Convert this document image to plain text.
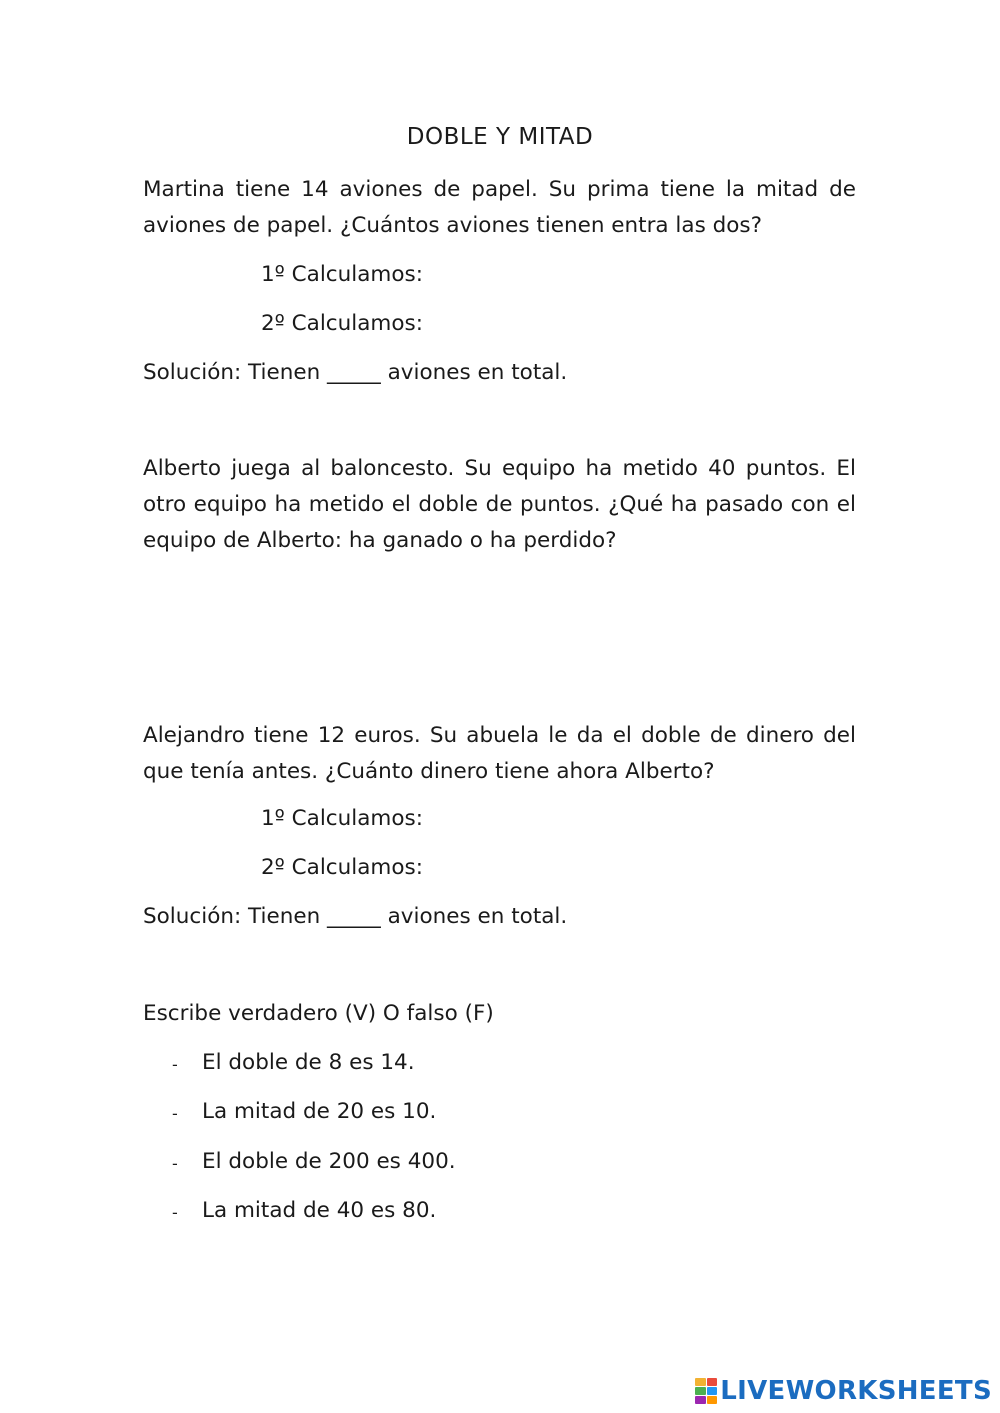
DOBLE Y MITAD
Martina tiene 14 aviones de papel. Su prima tiene la mitad de aviones de papel. ¿Cuántos aviones tienen entra las dos?
1º Calculamos:
2º Calculamos:
Solución: Tienen _____ aviones en total.
Alberto juega al baloncesto. Su equipo ha metido 40 puntos. El otro equipo ha metido el doble de puntos. ¿Qué ha pasado con el equipo de Alberto: ha ganado o ha perdido?
Alejandro tiene 12 euros. Su abuela le da el doble de dinero del que tenía antes. ¿Cuánto dinero tiene ahora Alberto?
1º Calculamos:
2º Calculamos:
Solución: Tienen _____ aviones en total.
Escribe verdadero (V) O falso (F)
- El doble de 8 es 14.
- La mitad de 20 es 10.
- El doble de 200 es 400.
- La mitad de 40 es 80.
LIVEWORKSHEETS
